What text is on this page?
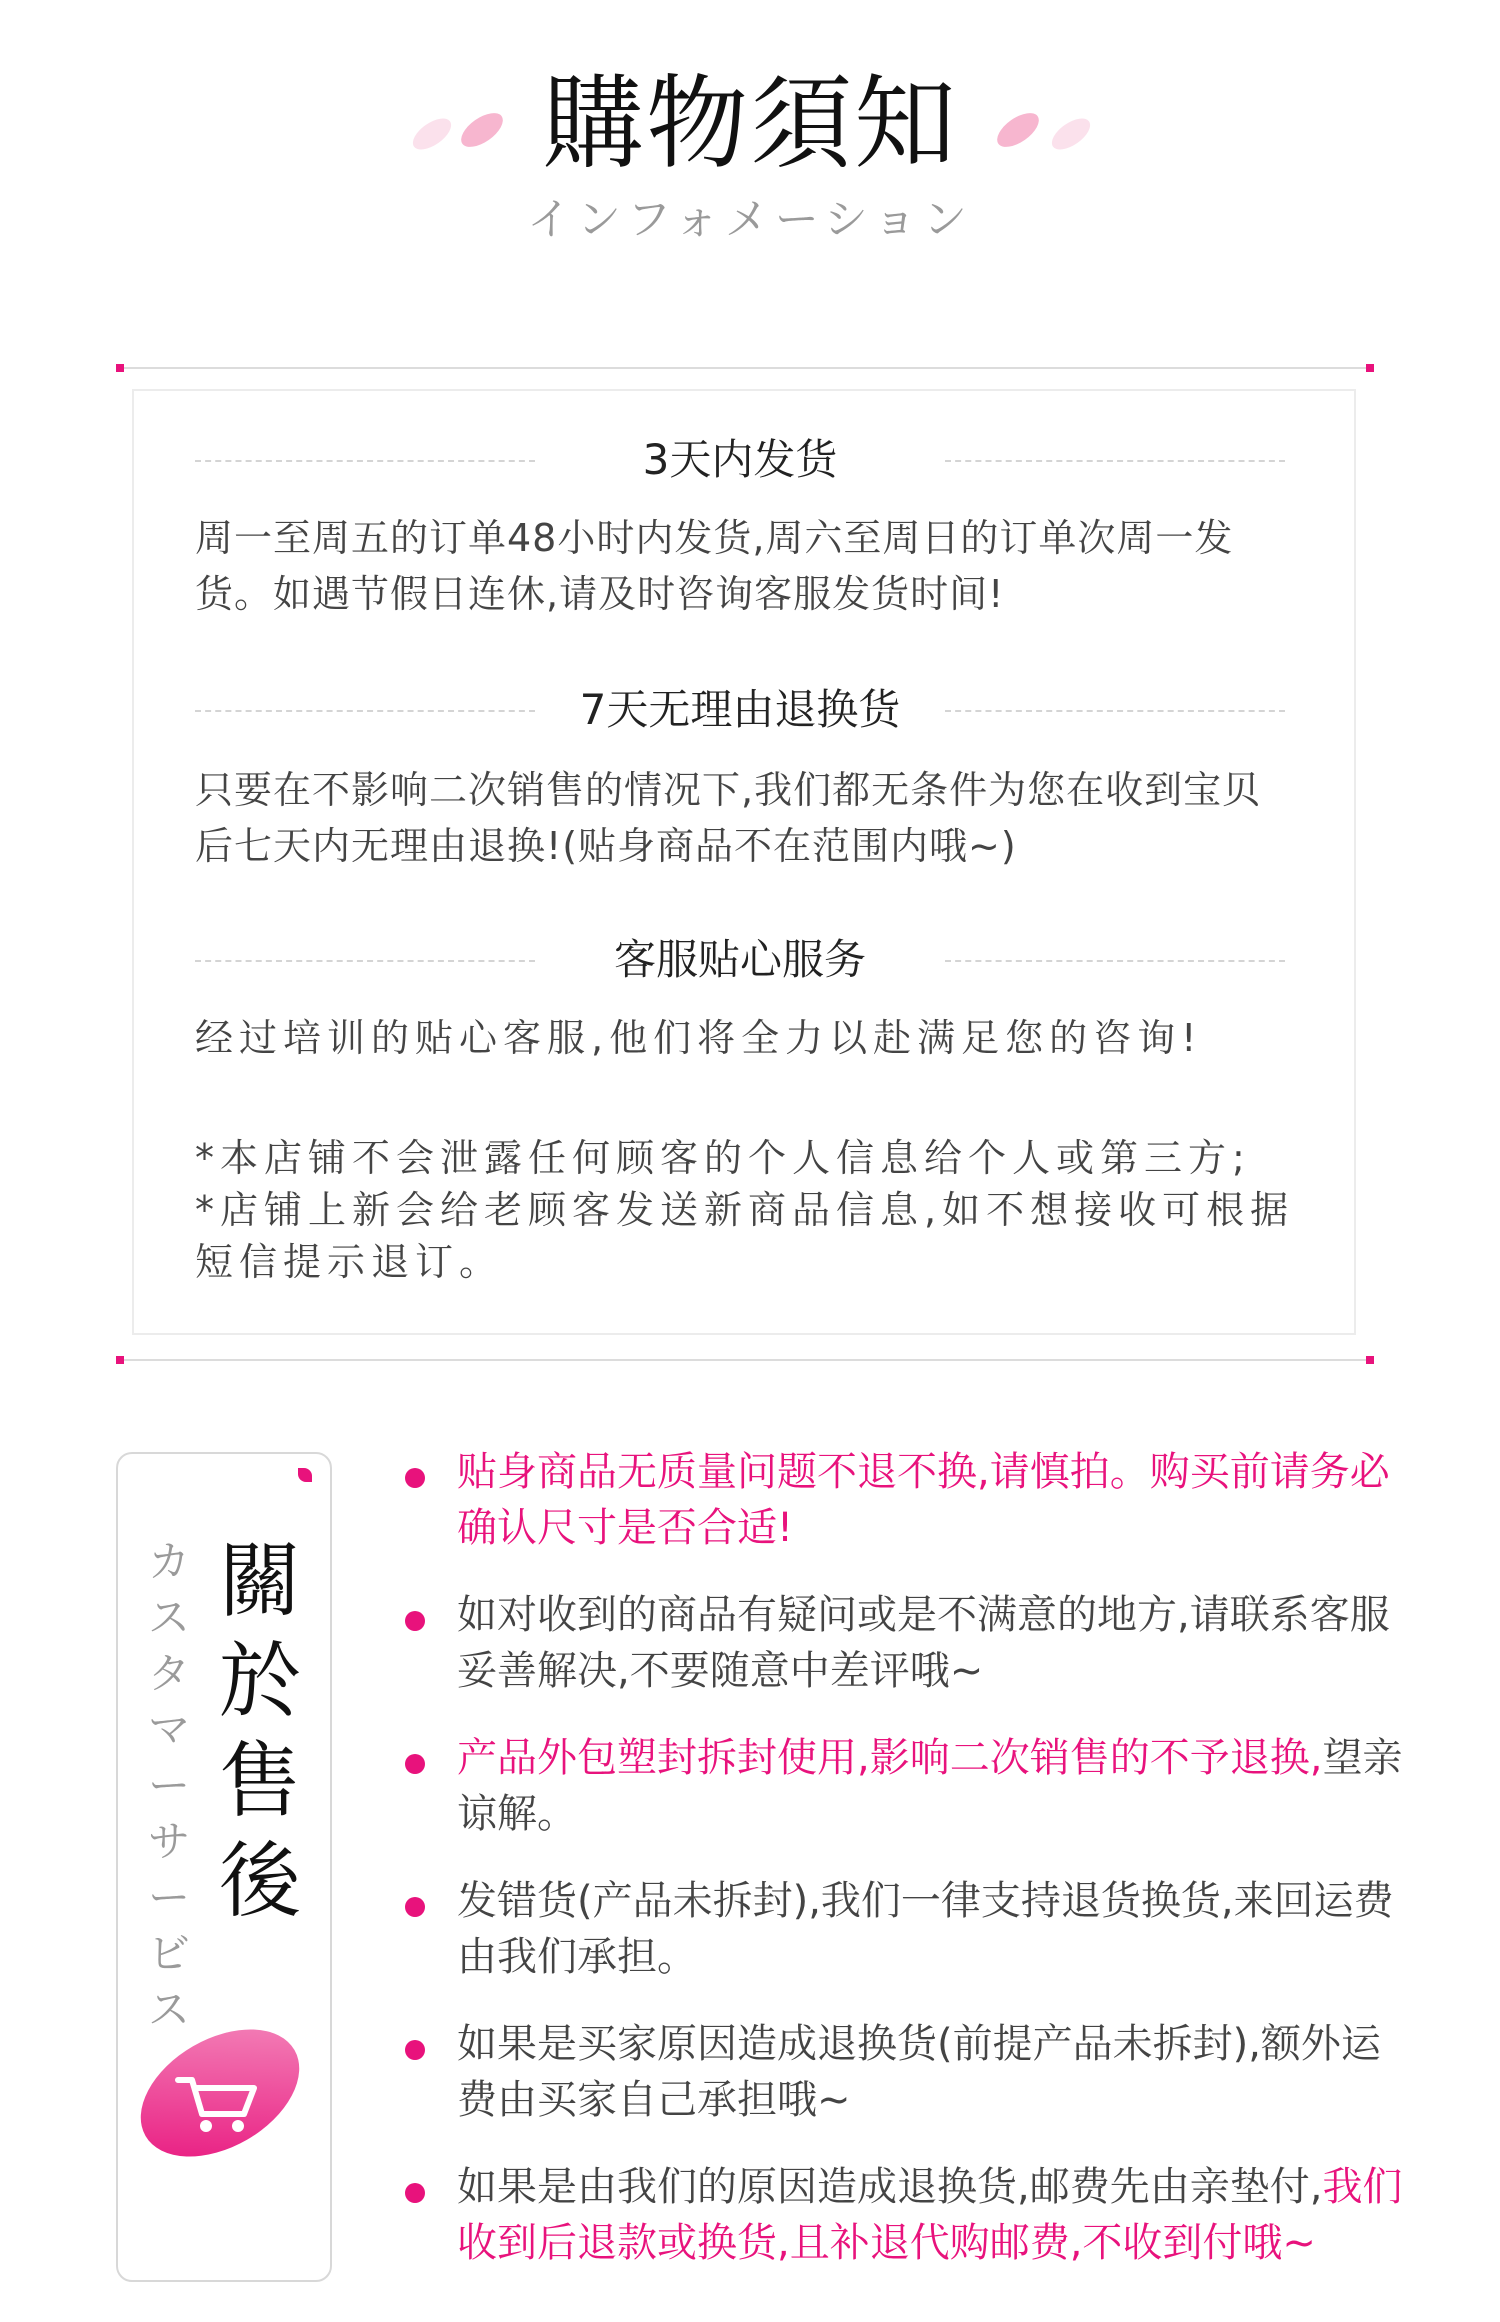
購物須知
インフォメーション
3天内发货
周一至周五的订单48小时内发货,周六至周日的订单次周一发货。如遇节假日连休,请及时咨询客服发货时间!
7天无理由退换货
只要在不影响二次销售的情况下,我们都无条件为您在收到宝贝后七天内无理由退换!(贴身商品不在范围内哦~)
客服贴心服务
经过培训的贴心客服,他们将全力以赴满足您的咨询!
*本店铺不会泄露任何顾客的个人信息给个人或第三方;
*店铺上新会给老顾客发送新商品信息,如不想接收可根据短信提示退订。
カ
ス
タ
マ
ー
サ
ー
ビ
ス
關
於
售
後
贴身商品无质量问题不退不换,请慎拍。购买前请务必确认尺寸是否合适!
如对收到的商品有疑问或是不满意的地方,请联系客服妥善解决,不要随意中差评哦~
产品外包塑封拆封使用,影响二次销售的不予退换,望亲谅解。
发错货(产品未拆封),我们一律支持退货换货,来回运费由我们承担。
如果是买家原因造成退换货(前提产品未拆封),额外运费由买家自己承担哦~
如果是由我们的原因造成退换货,邮费先由亲垫付,我们收到后退款或换货,且补退代购邮费,不收到付哦~
